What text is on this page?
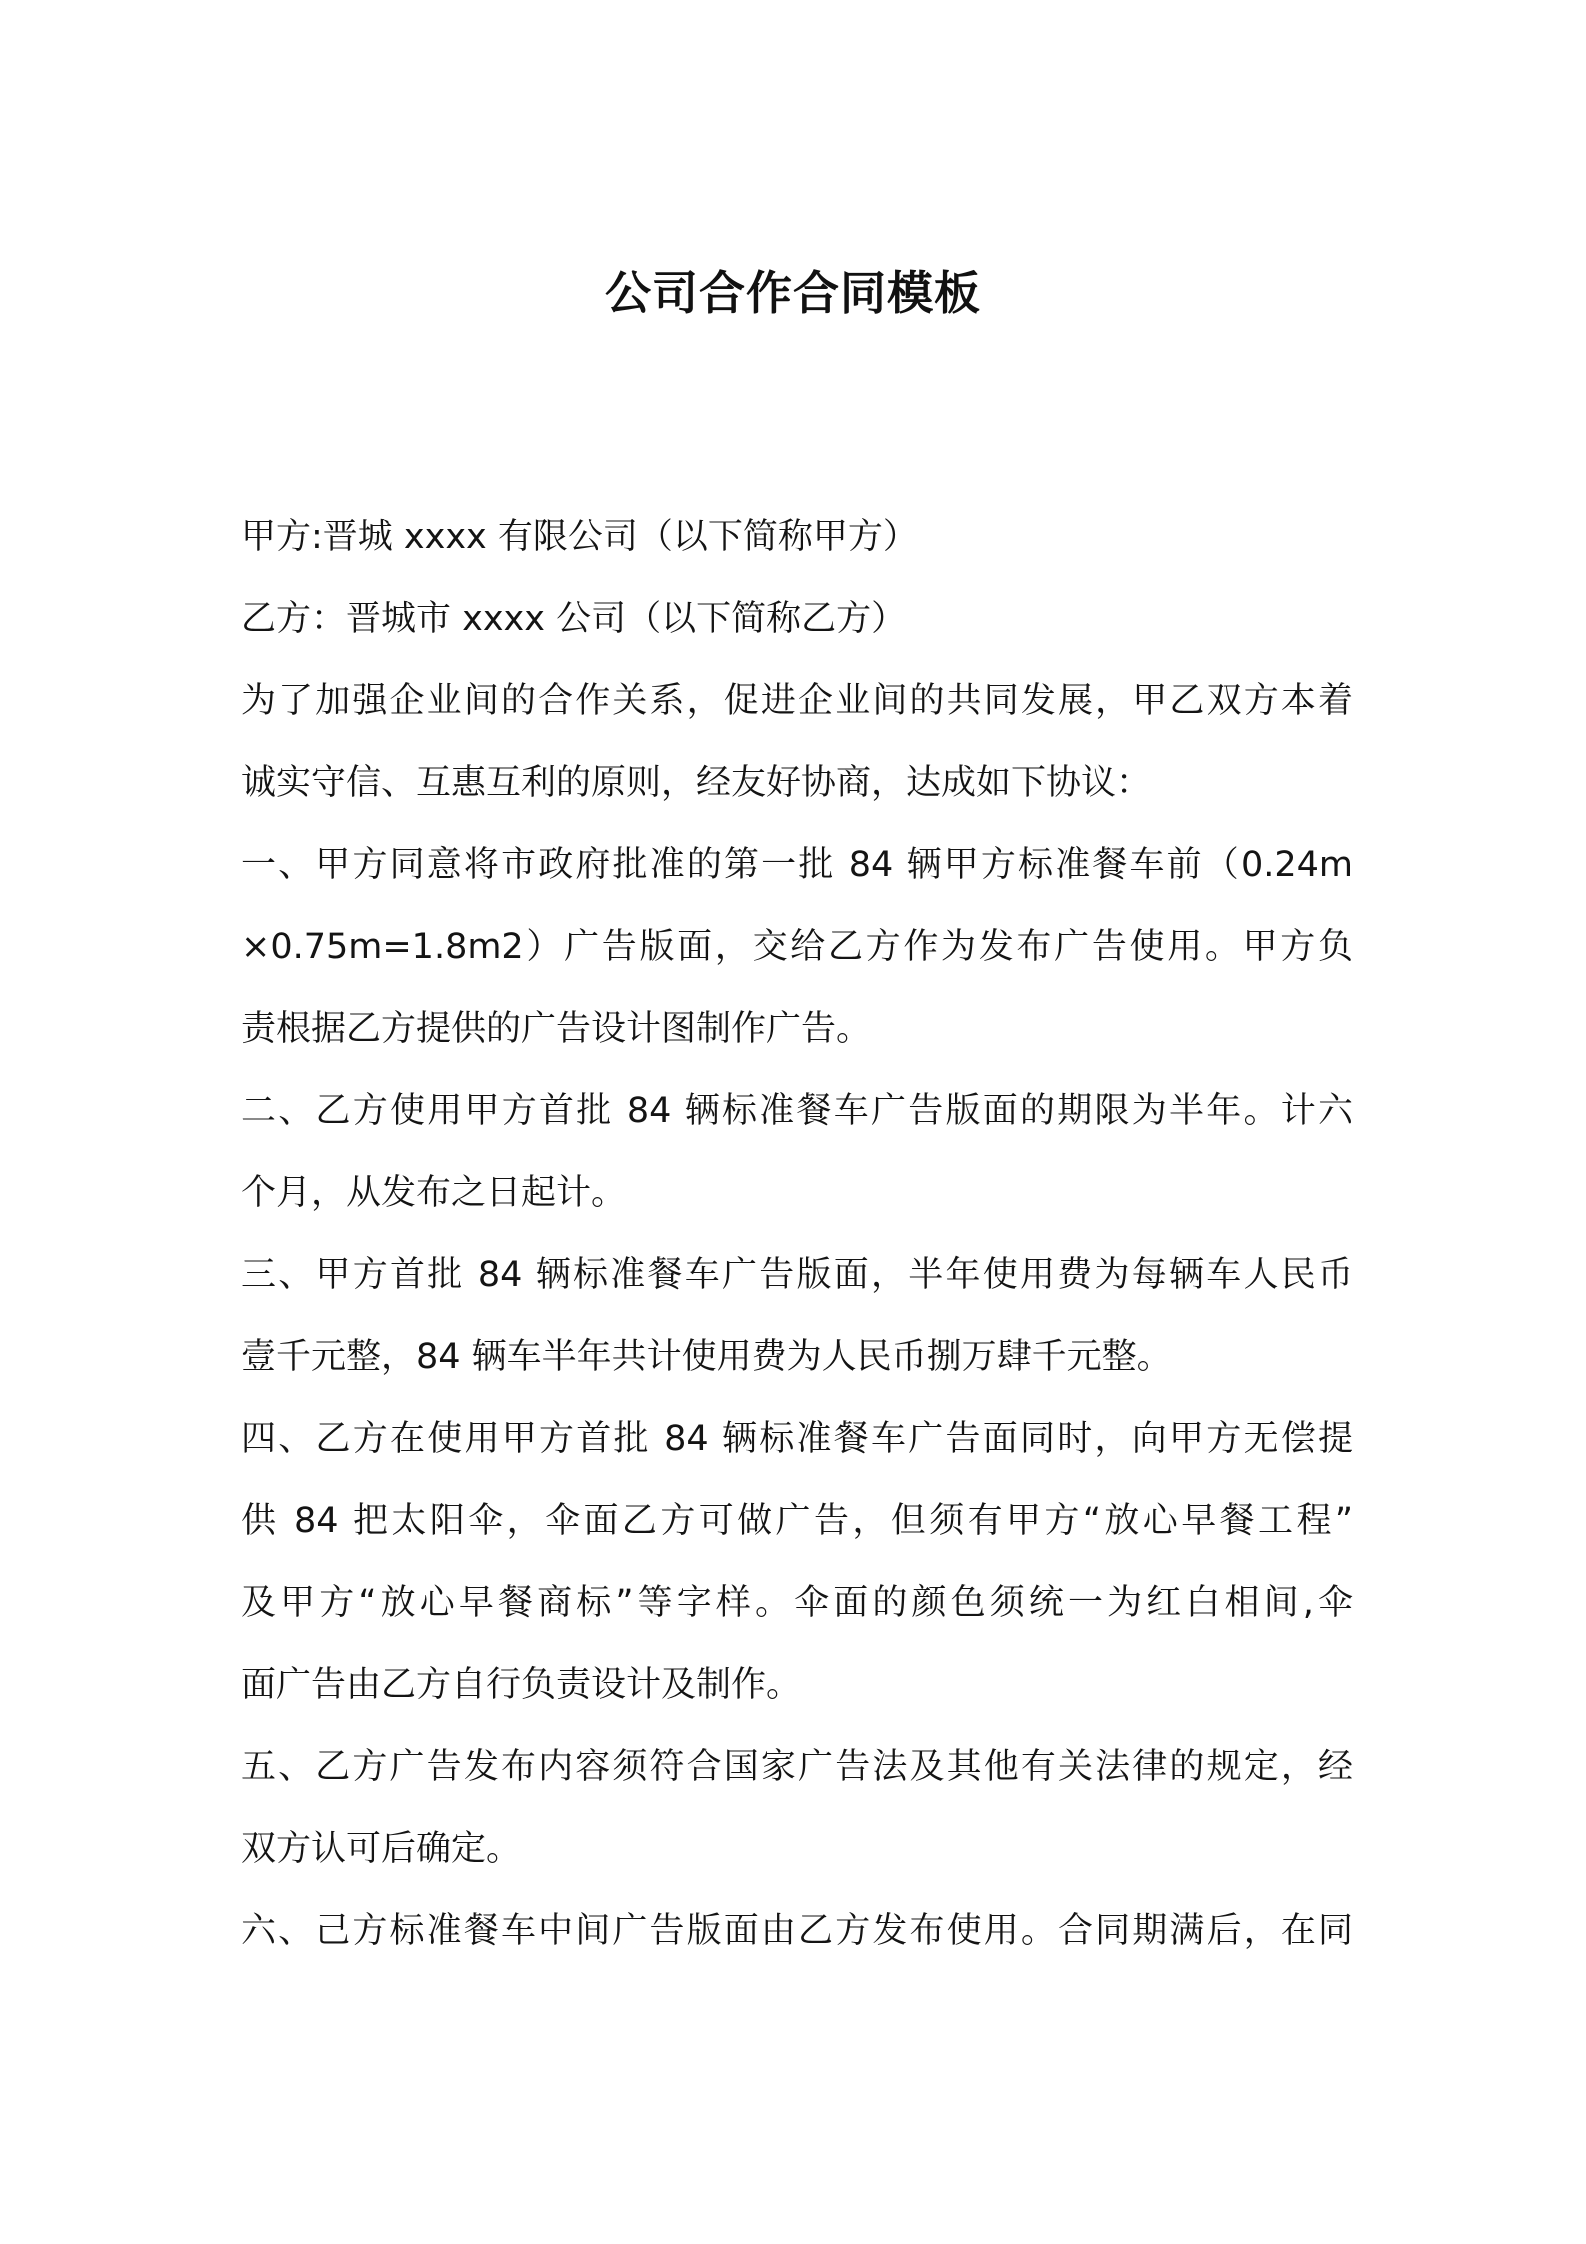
公司合作合同模板
甲方:晋城 xxxx 有限公司（以下简称甲方）
乙方：晋城市 xxxx 公司（以下简称乙方）
为了加强企业间的合作关系，促进企业间的共同发展，甲乙双方本着
诚实守信、互惠互利的原则，经友好协商，达成如下协议：
一、甲方同意将市政府批准的第一批 84 辆甲方标准餐车前（0.24m
×0.75m=1.8m2）广告版面，交给乙方作为发布广告使用。甲方负
责根据乙方提供的广告设计图制作广告。
二、乙方使用甲方首批 84 辆标准餐车广告版面的期限为半年。计六
个月，从发布之日起计。
三、甲方首批 84 辆标准餐车广告版面，半年使用费为每辆车人民币
壹千元整，84 辆车半年共计使用费为人民币捌万肆千元整。
四、乙方在使用甲方首批 84 辆标准餐车广告面同时，向甲方无偿提
供 84 把太阳伞，伞面乙方可做广告，但须有甲方“放心早餐工程”
及甲方“放心早餐商标”等字样。伞面的颜色须统一为红白相间,伞
面广告由乙方自行负责设计及制作。
五、乙方广告发布内容须符合国家广告法及其他有关法律的规定，经
双方认可后确定。
六、己方标准餐车中间广告版面由乙方发布使用。合同期满后，在同
